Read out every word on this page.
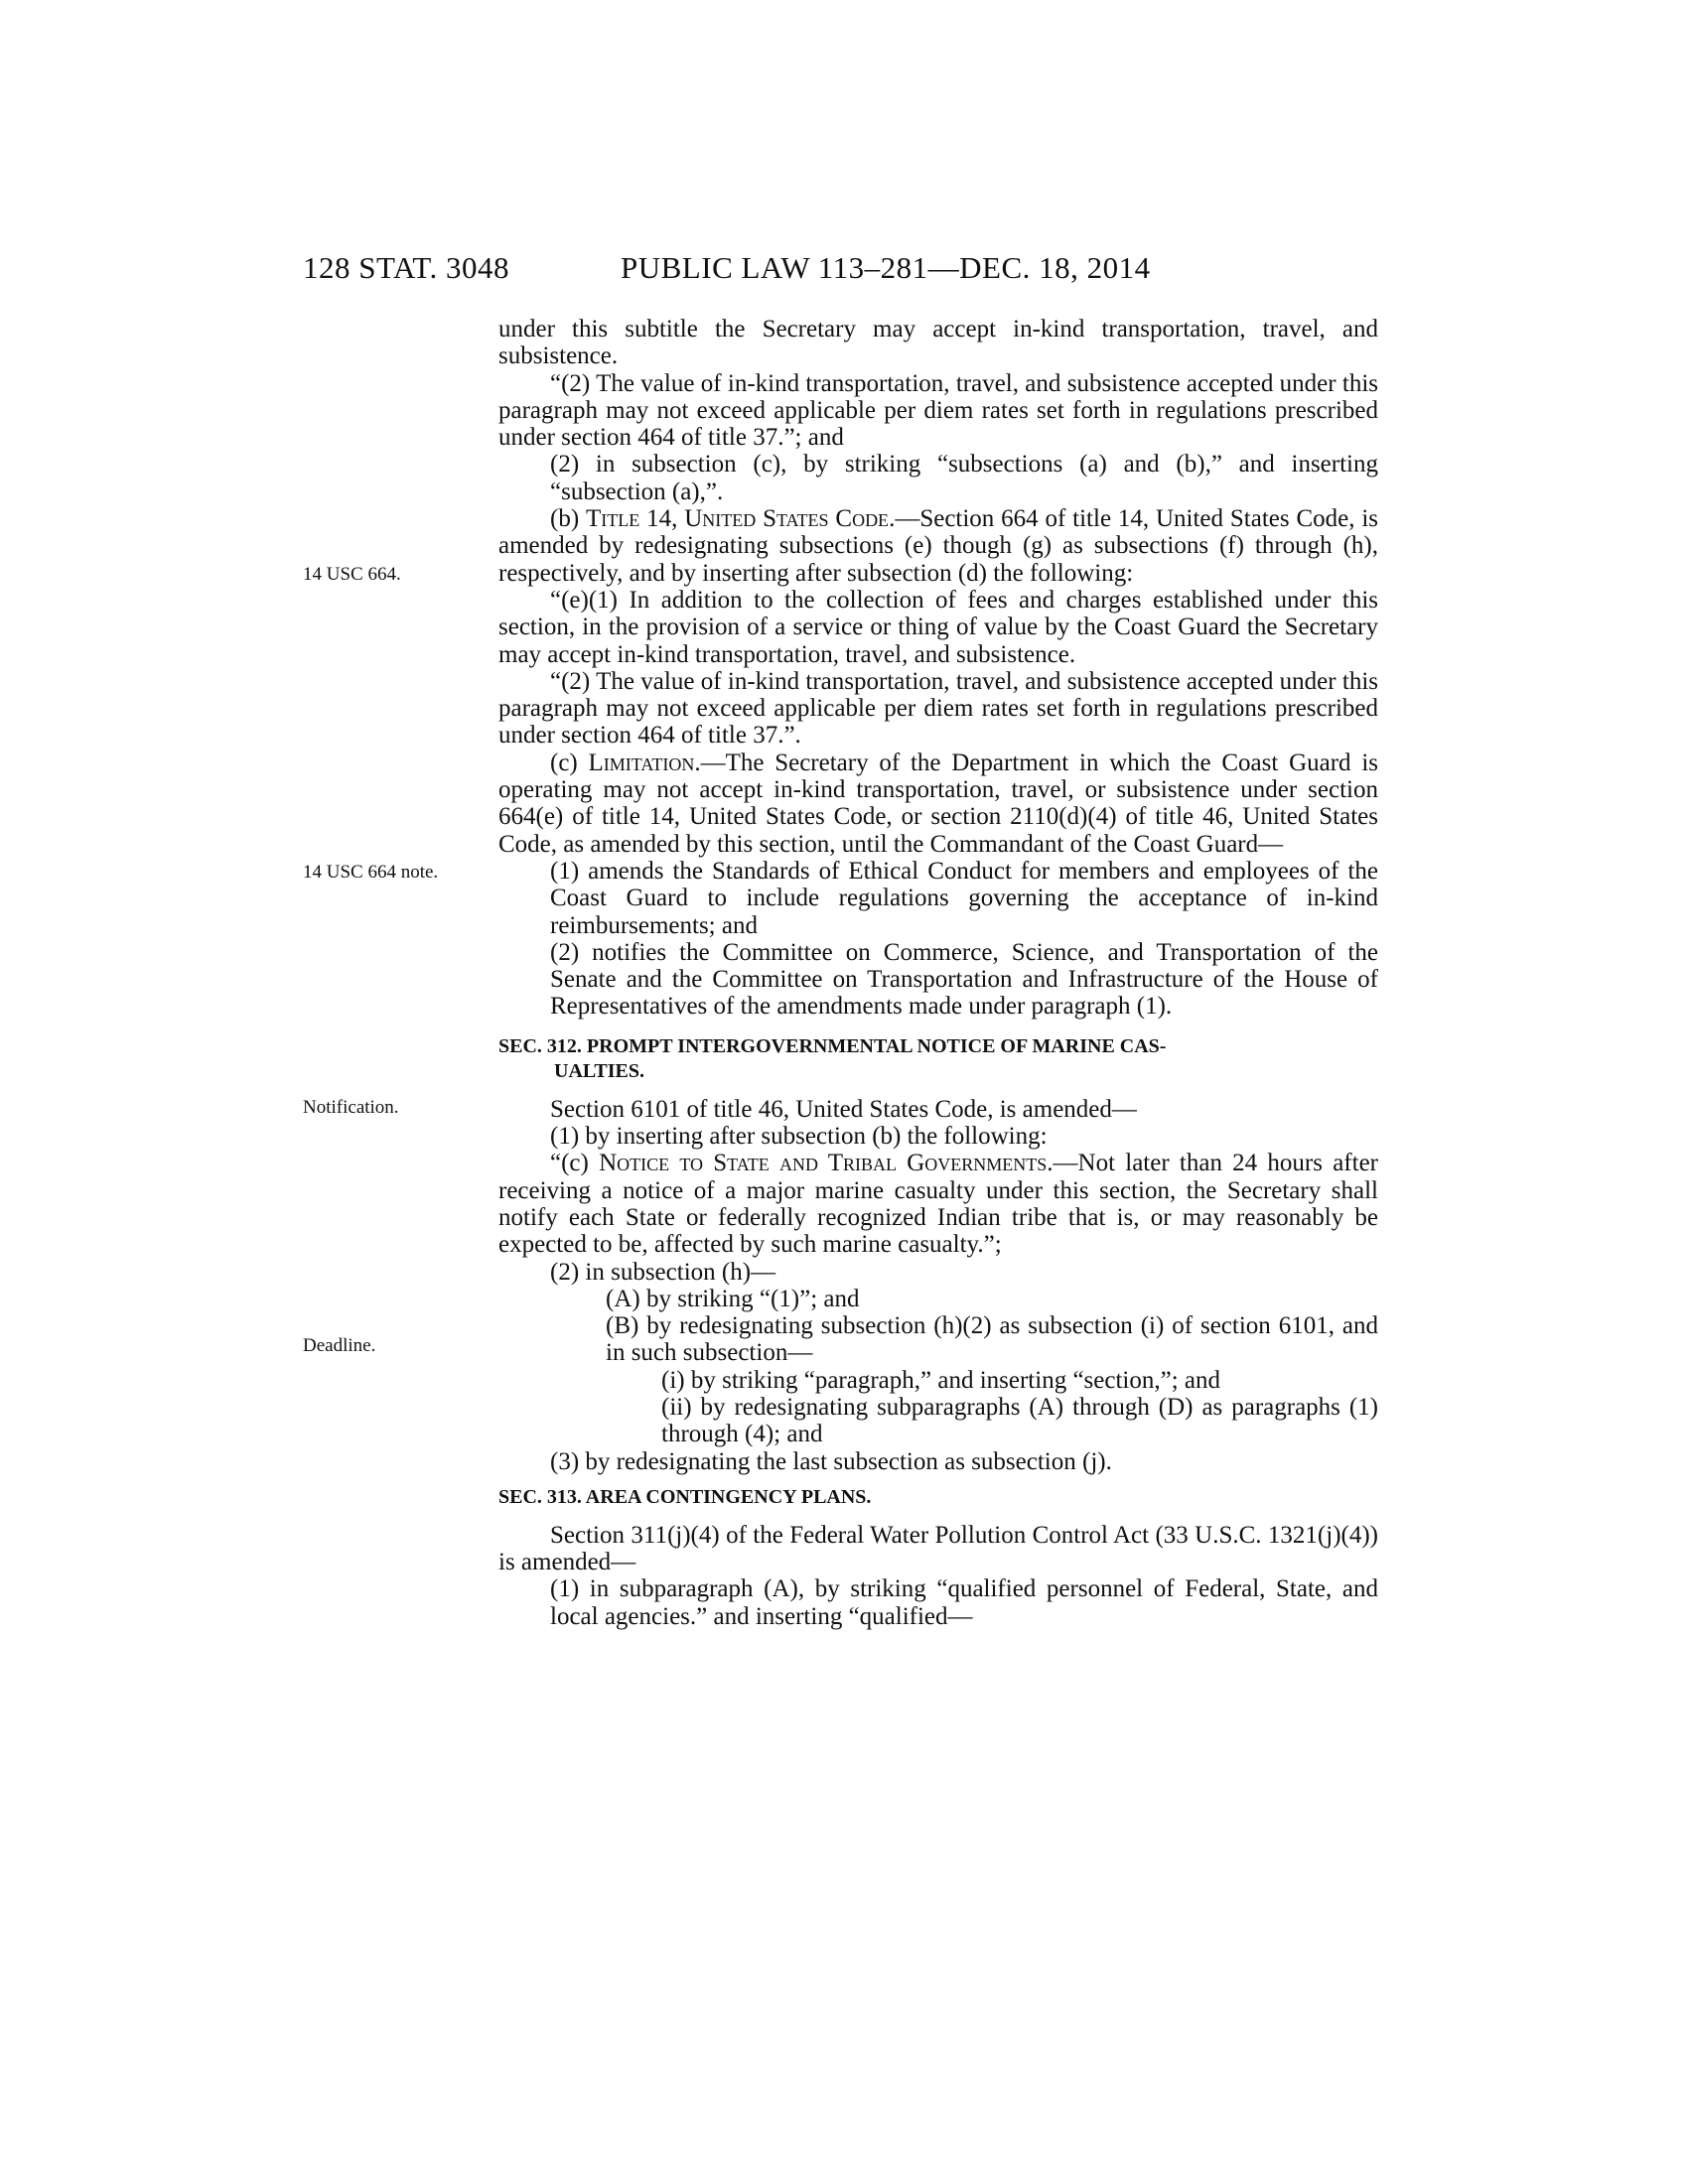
128 STAT. 3048	PUBLIC LAW 113–281—DEC. 18, 2014
14 USC 664.
14 USC 664 note.
Notification.
Deadline.

under this subtitle the Secretary may accept in-kind transportation, travel, and subsistence.

“(2) The value of in-kind transportation, travel, and subsistence accepted under this paragraph may not exceed applicable per diem rates set forth in regulations prescribed under section 464 of title 37.”; and

(2) in subsection (c), by striking “subsections (a) and (b),” and inserting “subsection (a),”.

(b) Title 14, United States Code.—Section 664 of title 14, United States Code, is amended by redesignating subsections (e) though (g) as subsections (f) through (h), respectively, and by inserting after subsection (d) the following:

“(e)(1) In addition to the collection of fees and charges established under this section, in the provision of a service or thing of value by the Coast Guard the Secretary may accept in-kind transportation, travel, and subsistence.

“(2) The value of in-kind transportation, travel, and subsistence accepted under this paragraph may not exceed applicable per diem rates set forth in regulations prescribed under section 464 of title 37.”.

(c) Limitation.—The Secretary of the Department in which the Coast Guard is operating may not accept in-kind transportation, travel, or subsistence under section 664(e) of title 14, United States Code, or section 2110(d)(4) of title 46, United States Code, as amended by this section, until the Commandant of the Coast Guard—

(1) amends the Standards of Ethical Conduct for members and employees of the Coast Guard to include regulations governing the acceptance of in-kind reimbursements; and

(2) notifies the Committee on Commerce, Science, and Transportation of the Senate and the Committee on Transportation and Infrastructure of the House of Representatives of the amendments made under paragraph (1).

SEC. 312. PROMPT INTERGOVERNMENTAL NOTICE OF MARINE CAS-
UALTIES.

Section 6101 of title 46, United States Code, is amended—

(1) by inserting after subsection (b) the following:

“(c) Notice to State and Tribal Governments.—Not later than 24 hours after receiving a notice of a major marine casualty under this section, the Secretary shall notify each State or federally recognized Indian tribe that is, or may reasonably be expected to be, affected by such marine casualty.”;

(2) in subsection (h)—

(A) by striking “(1)”; and

(B) by redesignating subsection (h)(2) as subsection (i) of section 6101, and in such subsection—

(i) by striking “paragraph,” and inserting “section,”; and

(ii) by redesignating subparagraphs (A) through (D) as paragraphs (1) through (4); and

(3) by redesignating the last subsection as subsection (j).

SEC. 313. AREA CONTINGENCY PLANS.

Section 311(j)(4) of the Federal Water Pollution Control Act (33 U.S.C. 1321(j)(4)) is amended—

(1) in subparagraph (A), by striking “qualified personnel of Federal, State, and local agencies.” and inserting “qualified—
